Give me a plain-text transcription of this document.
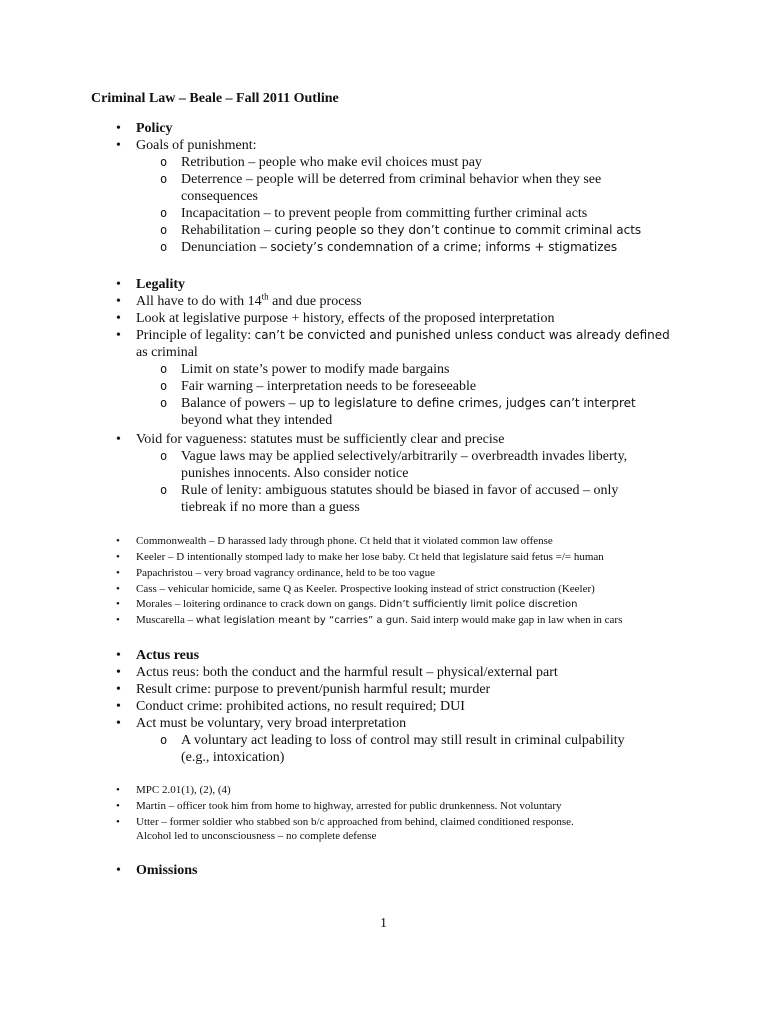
Criminal Law – Beale – Fall 2011 Outline
• Policy
• Goals of punishment:
o Retribution – people who make evil choices must pay
o Deterrence – people will be deterred from criminal behavior when they see
consequences
o Incapacitation – to prevent people from committing further criminal acts
o Rehabilitation – curing people so they don’t continue to commit criminal acts
o Denunciation – society’s condemnation of a crime; informs + stigmatizes
• Legality
• All have to do with 14th and due process
• Look at legislative purpose + history, effects of the proposed interpretation
• Principle of legality: can’t be convicted and punished unless conduct was already defined
as criminal
o Limit on state’s power to modify made bargains
o Fair warning – interpretation needs to be foreseeable
o Balance of powers – up to legislature to define crimes, judges can’t interpret
beyond what they intended
• Void for vagueness: statutes must be sufficiently clear and precise
o Vague laws may be applied selectively/arbitrarily – overbreadth invades liberty,
punishes innocents. Also consider notice
o Rule of lenity: ambiguous statutes should be biased in favor of accused – only
tiebreak if no more than a guess
• Commonwealth – D harassed lady through phone. Ct held that it violated common law offense
• Keeler – D intentionally stomped lady to make her lose baby. Ct held that legislature said fetus =/= human
• Papachristou – very broad vagrancy ordinance, held to be too vague
• Cass – vehicular homicide, same Q as Keeler. Prospective looking instead of strict construction (Keeler)
• Morales – loitering ordinance to crack down on gangs. Didn’t sufficiently limit police discretion
• Muscarella – what legislation meant by “carries” a gun. Said interp would make gap in law when in cars
• Actus reus
• Actus reus: both the conduct and the harmful result – physical/external part
• Result crime: purpose to prevent/punish harmful result; murder
• Conduct crime: prohibited actions, no result required; DUI
• Act must be voluntary, very broad interpretation
o A voluntary act leading to loss of control may still result in criminal culpability
(e.g., intoxication)
• MPC 2.01(1), (2), (4)
• Martin – officer took him from home to highway, arrested for public drunkenness. Not voluntary
• Utter – former soldier who stabbed son b/c approached from behind, claimed conditioned response.
Alcohol led to unconsciousness – no complete defense
• Omissions
1
